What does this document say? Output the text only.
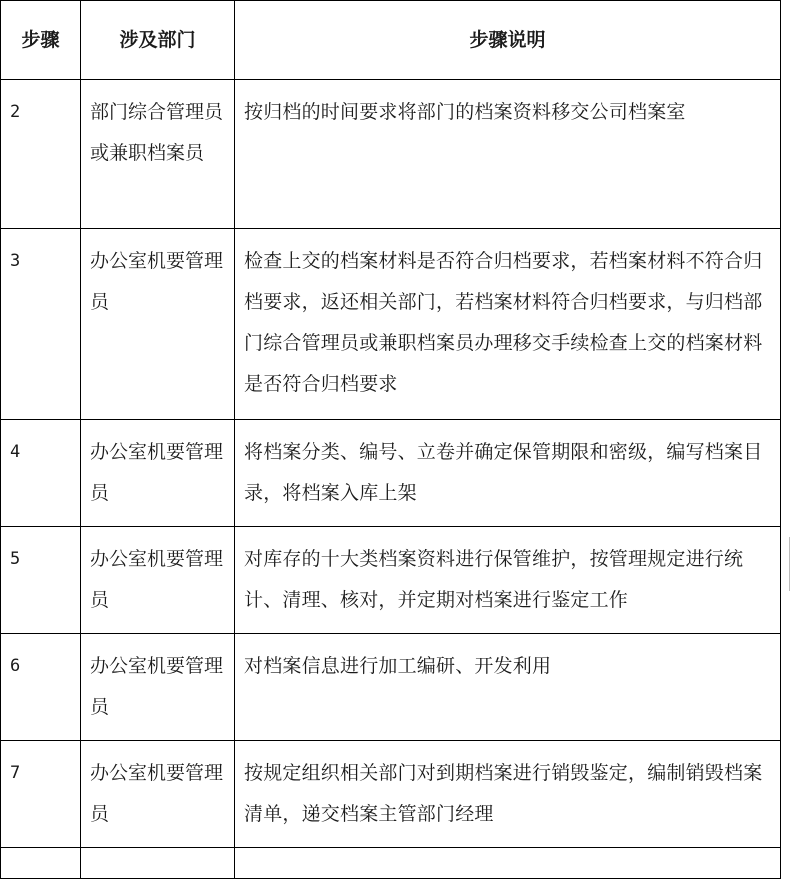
步骤	涉及部门	步骤说明
2	部门综合管理员或兼职档案员	按归档的时间要求将部门的档案资料移交公司档案室
3	办公室机要管理员	检查上交的档案材料是否符合归档要求，若档案材料不符合归档要求，返还相关部门，若档案材料符合归档要求，与归档部门综合管理员或兼职档案员办理移交手续检查上交的档案材料是否符合归档要求
4	办公室机要管理员	将档案分类、编号、立卷并确定保管期限和密级，编写档案目录，将档案入库上架
5	办公室机要管理员	对库存的十大类档案资料进行保管维护，按管理规定进行统计、清理、核对，并定期对档案进行鉴定工作
6	办公室机要管理员	对档案信息进行加工编研、开发利用
7	办公室机要管理员	按规定组织相关部门对到期档案进行销毁鉴定，编制销毁档案清单，递交档案主管部门经理
